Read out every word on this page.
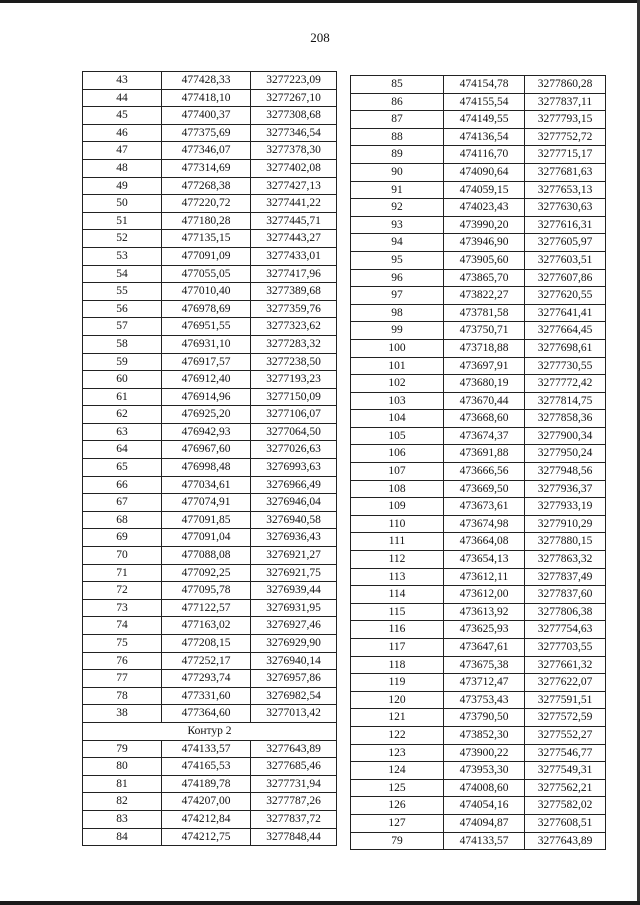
208
43	477428,33	3277223,09
44	477418,10	3277267,10
45	477400,37	3277308,68
46	477375,69	3277346,54
47	477346,07	3277378,30
48	477314,69	3277402,08
49	477268,38	3277427,13
50	477220,72	3277441,22
51	477180,28	3277445,71
52	477135,15	3277443,27
53	477091,09	3277433,01
54	477055,05	3277417,96
55	477010,40	3277389,68
56	476978,69	3277359,76
57	476951,55	3277323,62
58	476931,10	3277283,32
59	476917,57	3277238,50
60	476912,40	3277193,23
61	476914,96	3277150,09
62	476925,20	3277106,07
63	476942,93	3277064,50
64	476967,60	3277026,63
65	476998,48	3276993,63
66	477034,61	3276966,49
67	477074,91	3276946,04
68	477091,85	3276940,58
69	477091,04	3276936,43
70	477088,08	3276921,27
71	477092,25	3276921,75
72	477095,78	3276939,44
73	477122,57	3276931,95
74	477163,02	3276927,46
75	477208,15	3276929,90
76	477252,17	3276940,14
77	477293,74	3276957,86
78	477331,60	3276982,54
38	477364,60	3277013,42
Контур 2		
79	474133,57	3277643,89
80	474165,53	3277685,46
81	474189,78	3277731,94
82	474207,00	3277787,26
83	474212,84	3277837,72
84	474212,75	3277848,44
85	474154,78	3277860,28
86	474155,54	3277837,11
87	474149,55	3277793,15
88	474136,54	3277752,72
89	474116,70	3277715,17
90	474090,64	3277681,63
91	474059,15	3277653,13
92	474023,43	3277630,63
93	473990,20	3277616,31
94	473946,90	3277605,97
95	473905,60	3277603,51
96	473865,70	3277607,86
97	473822,27	3277620,55
98	473781,58	3277641,41
99	473750,71	3277664,45
100	473718,88	3277698,61
101	473697,91	3277730,55
102	473680,19	3277772,42
103	473670,44	3277814,75
104	473668,60	3277858,36
105	473674,37	3277900,34
106	473691,88	3277950,24
107	473666,56	3277948,56
108	473669,50	3277936,37
109	473673,61	3277933,19
110	473674,98	3277910,29
111	473664,08	3277880,15
112	473654,13	3277863,32
113	473612,11	3277837,49
114	473612,00	3277837,60
115	473613,92	3277806,38
116	473625,93	3277754,63
117	473647,61	3277703,55
118	473675,38	3277661,32
119	473712,47	3277622,07
120	473753,43	3277591,51
121	473790,50	3277572,59
122	473852,30	3277552,27
123	473900,22	3277546,77
124	473953,30	3277549,31
125	474008,60	3277562,21
126	474054,16	3277582,02
127	474094,87	3277608,51
79	474133,57	3277643,89
